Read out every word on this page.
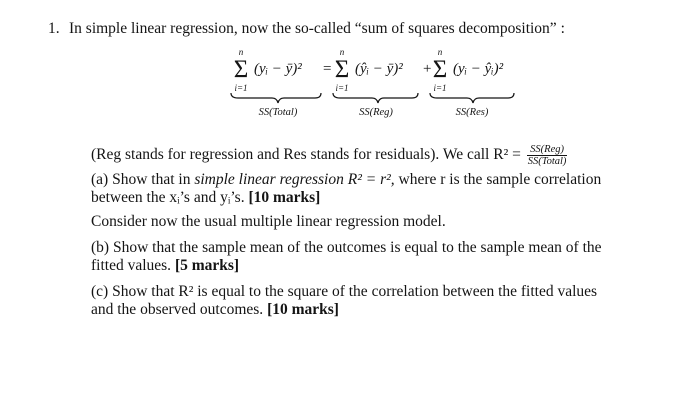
1. In simple linear regression, now the so-called “sum of squares decomposition” :
n
Σ
i=1
(yᵢ − ȳ)² =
n
Σ
i=1
(ŷᵢ − ȳ)² +
n
Σ
i=1
(yᵢ − ŷᵢ)²
SS(Total)	SS(Reg)	SS(Res)
(Reg stands for regression and Res stands for residuals). We call $R^2 = \frac{\text{SS(Reg)}}{\text{SS(Total)}}$
(a) Show that in simple linear regression R² = r², where r is the sample correlation
between the xᵢ’s and yᵢ’s. [10 marks]
Consider now the usual multiple linear regression model.
(b) Show that the sample mean of the outcomes is equal to the sample mean of the
fitted values. [5 marks]
(c) Show that R² is equal to the square of the correlation between the fitted values
and the observed outcomes. [10 marks]
